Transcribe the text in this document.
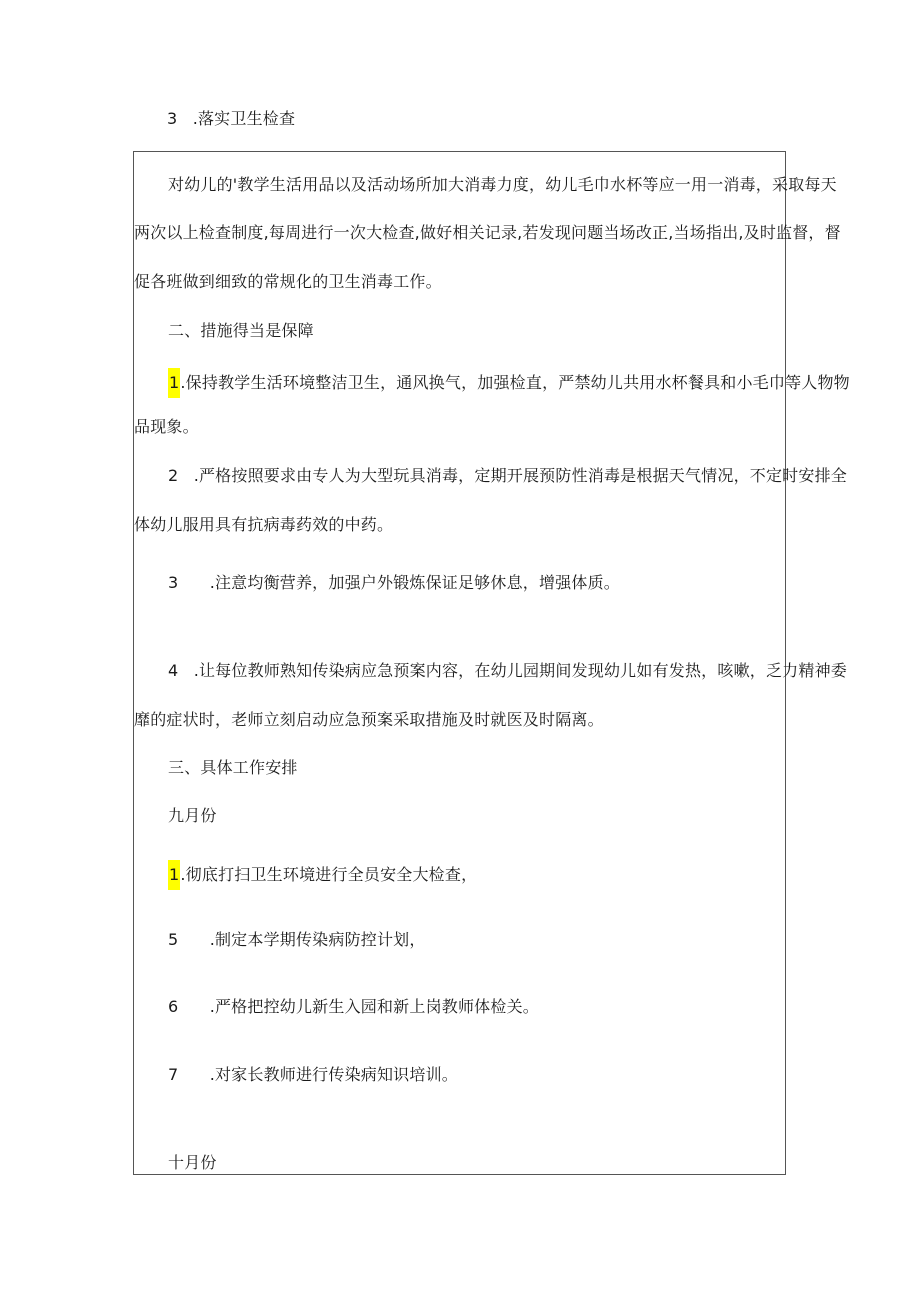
3 .落实卫生检查
对幼儿的'教学生活用品以及活动场所加大消毒力度，幼儿毛巾水杯等应一用一消毒，采取每天
两次以上检查制度,每周进行一次大检查,做好相关记录,若发现问题当场改正,当场指出,及时监督，督
促各班做到细致的常规化的卫生消毒工作。
二、措施得当是保障
1.保持教学生活环境整洁卫生，通风换气，加强检直，严禁幼儿共用水杯餐具和小毛巾等人物物
品现象。
2 .严格按照要求由专人为大型玩具消毒，定期开展预防性消毒是根据天气情况，不定时安排全
体幼儿服用具有抗病毒药效的中药。
3 .注意均衡营养，加强户外锻炼保证足够休息，增强体质。
4 .让每位教师熟知传染病应急预案内容，在幼儿园期间发现幼儿如有发热，咳嗽，乏力精神委
靡的症状时，老师立刻启动应急预案采取措施及时就医及时隔离。
三、具体工作安排
九月份
1.彻底打扫卫生环境进行全员安全大检查，
5 .制定本学期传染病防控计划，
6 .严格把控幼儿新生入园和新上岗教师体检关。
7 .对家长教师进行传染病知识培训。
十月份
